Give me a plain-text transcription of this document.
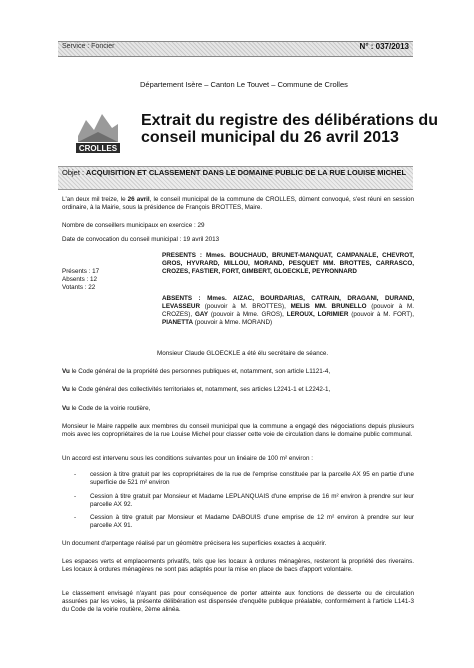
Service : Foncier	N° : 037/2013
Département Isère – Canton Le Touvet – Commune de Crolles
CROLLES
Extrait du registre des délibérations du
conseil municipal du 26 avril 2013
Objet : ACQUISITION ET CLASSEMENT DANS LE DOMAINE PUBLIC DE LA RUE LOUISE MICHEL
L'an deux mil treize, le 26 avril, le conseil municipal de la commune de CROLLES, dûment convoqué, s'est réuni en session ordinaire, à la Mairie, sous la présidence de François BROTTES, Maire.
Nombre de conseillers municipaux en exercice : 29
Date de convocation du conseil municipal : 19 avril 2013
Présents : 17
Absents : 12
Votants : 22
PRESENTS : Mmes. BOUCHAUD, BRUNET-MANQUAT, CAMPANALE, CHEVROT, GROS, HYVRARD, MILLOU, MORAND, PESQUET MM. BROTTES, CARRASCO, CROZES, FASTIER, FORT, GIMBERT, GLOECKLE, PEYRONNARD
ABSENTS : Mmes. AIZAC, BOURDARIAS, CATRAIN, DRAGANI, DURAND, LEVASSEUR (pouvoir à M. BROTTES), MELIS MM. BRUNELLO (pouvoir à M. CROZES), GAY (pouvoir à Mme. GROS), LEROUX, LORIMIER (pouvoir à M. FORT), PIANETTA (pouvoir à Mme. MORAND)
Monsieur Claude GLOECKLE a été élu secrétaire de séance.
Vu le Code général de la propriété des personnes publiques et, notamment, son article L1121-4,
Vu le Code général des collectivités territoriales et, notamment, ses articles L2241-1 et L2242-1,
Vu le Code de la voirie routière,
Monsieur le Maire rappelle aux membres du conseil municipal que la commune a engagé des négociations depuis plusieurs mois avec les copropriétaires de la rue Louise Michel pour classer cette voie de circulation dans le domaine public communal.
Un accord est intervenu sous les conditions suivantes pour un linéaire de 100 m² environ :
- cession à titre gratuit par les copropriétaires de la rue de l'emprise constituée par la parcelle AX 95 en partie d'une superficie de 521 m² environ
- Cession à titre gratuit par Monsieur et Madame LEPLANQUAIS d'une emprise de 16 m² environ à prendre sur leur parcelle AX 92.
- Cession à titre gratuit par Monsieur et Madame DABOUIS d'une emprise de 12 m² environ à prendre sur leur parcelle AX 91.
Un document d'arpentage réalisé par un géomètre précisera les superficies exactes à acquérir.
Les espaces verts et emplacements privatifs, tels que les locaux à ordures ménagères, resteront la propriété des riverains. Les locaux à ordures ménagères ne sont pas adaptés pour la mise en place de bacs d'apport volontaire.
Le classement envisagé n'ayant pas pour conséquence de porter atteinte aux fonctions de desserte ou de circulation assurées par les voies, la présente délibération est dispensée d'enquête publique préalable, conformément à l'article L141-3 du Code de la voirie routière, 2ème alinéa.
